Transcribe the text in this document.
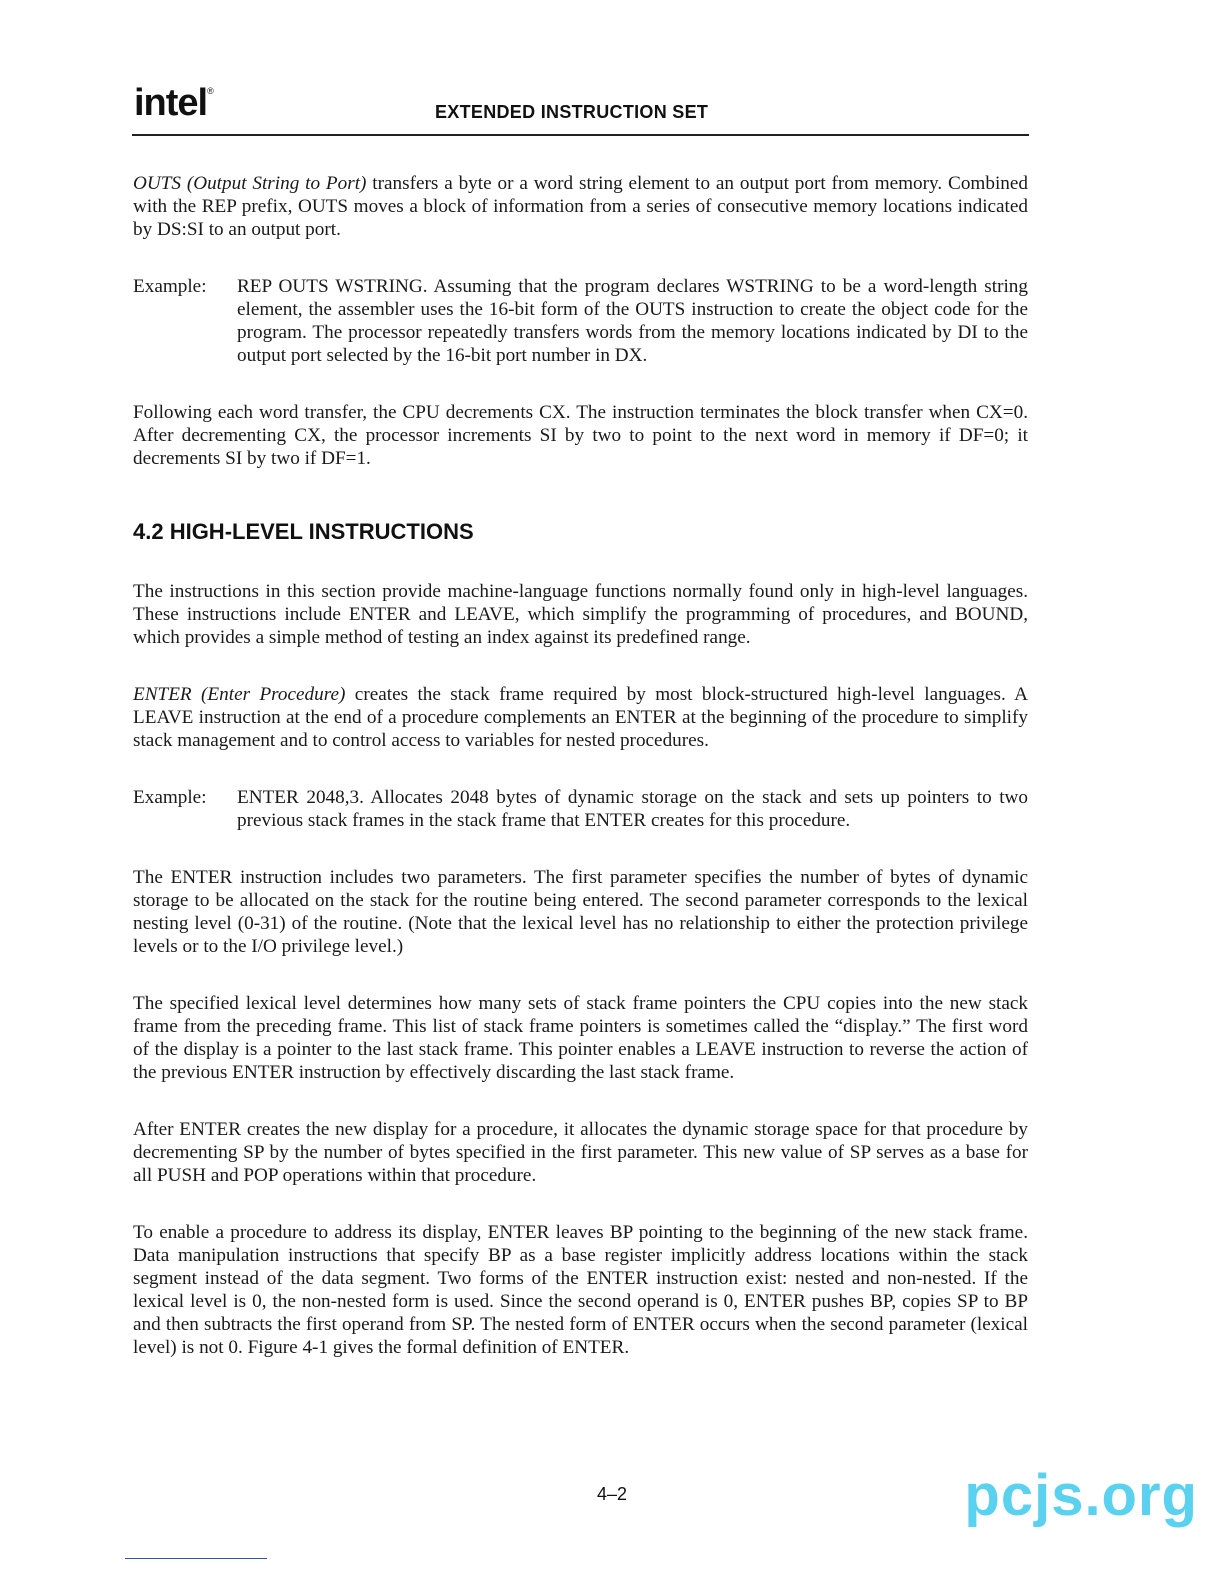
intel®
EXTENDED INSTRUCTION SET

OUTS (Output String to Port) transfers a byte or a word string element to an output port from memory. Combined with the REP prefix, OUTS moves a block of information from a series of consecutive memory locations indicated by DS:SI to an output port.

Example:	REP OUTS WSTRING. Assuming that the program declares WSTRING to be a word-length string element, the assembler uses the 16-bit form of the OUTS instruction to create the object code for the program. The processor repeatedly transfers words from the memory locations indicated by DI to the output port selected by the 16-bit port number in DX.

Following each word transfer, the CPU decrements CX. The instruction terminates the block transfer when CX=0. After decrementing CX, the processor increments SI by two to point to the next word in memory if DF=0; it decrements SI by two if DF=1.

4.2 HIGH-LEVEL INSTRUCTIONS

The instructions in this section provide machine-language functions normally found only in high-level languages. These instructions include ENTER and LEAVE, which simplify the programming of procedures, and BOUND, which provides a simple method of testing an index against its predefined range.

ENTER (Enter Procedure) creates the stack frame required by most block-structured high-level languages. A LEAVE instruction at the end of a procedure complements an ENTER at the beginning of the procedure to simplify stack management and to control access to variables for nested procedures.

Example:	ENTER 2048,3. Allocates 2048 bytes of dynamic storage on the stack and sets up pointers to two previous stack frames in the stack frame that ENTER creates for this procedure.

The ENTER instruction includes two parameters. The first parameter specifies the number of bytes of dynamic storage to be allocated on the stack for the routine being entered. The second parameter corresponds to the lexical nesting level (0-31) of the routine. (Note that the lexical level has no relationship to either the protection privilege levels or to the I/O privilege level.)

The specified lexical level determines how many sets of stack frame pointers the CPU copies into the new stack frame from the preceding frame. This list of stack frame pointers is sometimes called the “display.” The first word of the display is a pointer to the last stack frame. This pointer enables a LEAVE instruction to reverse the action of the previous ENTER instruction by effectively discarding the last stack frame.

After ENTER creates the new display for a procedure, it allocates the dynamic storage space for that procedure by decrementing SP by the number of bytes specified in the first parameter. This new value of SP serves as a base for all PUSH and POP operations within that procedure.

To enable a procedure to address its display, ENTER leaves BP pointing to the beginning of the new stack frame. Data manipulation instructions that specify BP as a base register implicitly address locations within the stack segment instead of the data segment. Two forms of the ENTER instruction exist: nested and non-nested. If the lexical level is 0, the non-nested form is used. Since the second operand is 0, ENTER pushes BP, copies SP to BP and then subtracts the first operand from SP. The nested form of ENTER occurs when the second parameter (lexical level) is not 0. Figure 4-1 gives the formal definition of ENTER.

4–2	pcjs.org
